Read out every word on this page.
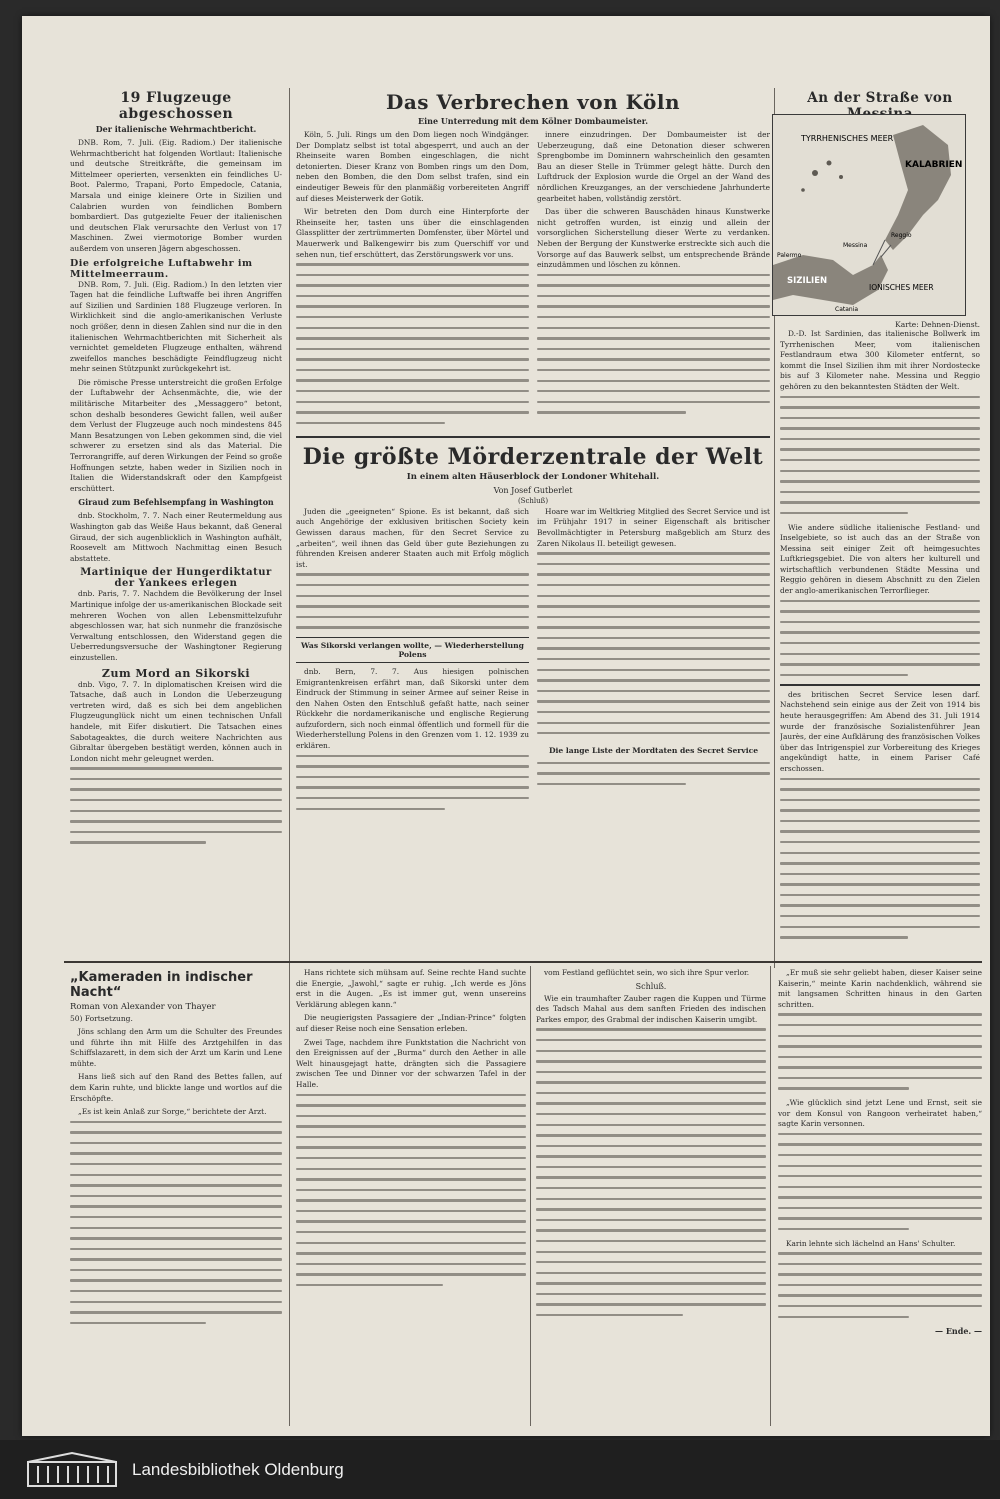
19 Flugzeuge abgeschossen
Der italienische Wehrmachtbericht.

DNB. Rom, 7. Juli. (Eig. Radiom.) Der italienische Wehrmachtbericht hat folgenden Wortlaut: Italienische und deutsche Streitkräfte, die gemeinsam im Mittelmeer operierten, versenkten ein feindliches U-Boot. Palermo, Trapani, Porto Empedocle, Catania, Marsala und einige kleinere Orte in Sizilien und Calabrien wurden von feindlichen Bombern bombardiert. Das gutgezielte Feuer der italienischen und deutschen Flak verursachte den Verlust von 17 Maschinen. Zwei viermotorige Bomber wurden außerdem von unseren Jägern abgeschossen.

Die erfolgreiche Luftabwehr im Mittelmeerraum.

DNB. Rom, 7. Juli. (Eig. Radiom.) In den letzten vier Tagen hat die feindliche Luftwaffe bei ihren Angriffen auf Sizilien und Sardinien 188 Flugzeuge verloren. In Wirklichkeit sind die anglo-amerikanischen Verluste noch größer, denn in diesen Zahlen sind nur die in den italienischen Wehrmachtberichten mit Sicherheit als vernichtet gemeldeten Flugzeuge enthalten, während zweifellos manches beschädigte Feindflugzeug nicht mehr seinen Stützpunkt zurückgekehrt ist.

Die römische Presse unterstreicht die großen Erfolge der Luftabwehr der Achsenmächte, die, wie der militärische Mitarbeiter des „Messaggero“ betont, schon deshalb besonderes Gewicht fallen, weil außer dem Verlust der Flugzeuge auch noch mindestens 845 Mann Besatzungen von Leben gekommen sind, die viel schwerer zu ersetzen sind als das Material. Die Terrorangriffe, auf deren Wirkungen der Feind so große Hoffnungen setzte, haben weder in Sizilien noch in Italien die Widerstandskraft oder den Kampfgeist erschüttert.

Giraud zum Befehlsempfang in Washington

dnb. Stockholm, 7. 7. Nach einer Reutermeldung aus Washington gab das Weiße Haus bekannt, daß General Giraud, der sich augenblicklich in Washington aufhält, Roosevelt am Mittwoch Nachmittag einen Besuch abstattete.

Martinique der Hungerdiktatur der Yankees erlegen

dnb. Paris, 7. 7. Nachdem die Bevölkerung der Insel Martinique infolge der us-amerikanischen Blockade seit mehreren Wochen von allen Lebensmittelzufuhr abgeschlossen war, hat sich nunmehr die französische Verwaltung entschlossen, den Widerstand gegen die Ueberredungsversuche der Washingtoner Regierung einzustellen.

Zum Mord an Sikorski

dnb. Vigo, 7. 7. In diplomatischen Kreisen wird die Tatsache, daß auch in London die Ueberzeugung vertreten wird, daß es sich bei dem angeblichen Flugzeugunglück nicht um einen technischen Unfall handele, mit Eifer diskutiert. Die Tatsachen eines Sabotageaktes, die durch weitere Nachrichten aus Gibraltar übergeben bestätigt werden, können auch in London nicht mehr geleugnet werden.

Das Verbrechen von Köln
Eine Unterredung mit dem Kölner Dombaumeister.

Köln, 5. Juli. Rings um den Dom liegen noch Windgänger. Der Domplatz selbst ist total abgesperrt, und auch an der Rheinseite waren Bomben eingeschlagen, die nicht detonierten. Dieser Kranz von Bomben rings um den Dom, neben den Bomben, die den Dom selbst trafen, sind ein eindeutiger Beweis für den planmäßig vorbereiteten Angriff auf dieses Meisterwerk der Gotik.

Wir betreten den Dom durch eine Hinterpforte der Rheinseite her, tasten uns über die einschlagenden Glassplitter der zertrümmerten Domfenster, über Mörtel und Mauerwerk und Balkengewirr bis zum Querschiff vor und sehen nun, tief erschüttert, das Zerstörungswerk vor uns.

innere einzudringen. Der Dombaumeister ist der Ueberzeugung, daß eine Detonation dieser schweren Sprengbombe im Dominnern wahrscheinlich den gesamten Bau an dieser Stelle in Trümmer gelegt hätte. Durch den Luftdruck der Explosion wurde die Orgel an der Wand des nördlichen Kreuzganges, an der verschiedene Jahrhunderte gearbeitet haben, vollständig zerstört.

Das über die schweren Bauschäden hinaus Kunstwerke nicht getroffen wurden, ist einzig und allein der vorsorglichen Sicherstellung dieser Werte zu verdanken. Neben der Bergung der Kunstwerke erstreckte sich auch die Vorsorge auf das Bauwerk selbst, um entsprechende Brände einzudämmen und löschen zu können.

Die größte Mörderzentrale der Welt
In einem alten Häuserblock der Londoner Whitehall.
Von Josef Gutberlet
(Schluß)

Juden die „geeigneten“ Spione. Es ist bekannt, daß sich auch Angehörige der exklusiven britischen Society kein Gewissen daraus machen, für den Secret Service zu „arbeiten“, weil ihnen das Geld über gute Beziehungen zu führenden Kreisen anderer Staaten auch mit Erfolg möglich ist.

Was Sikorski verlangen wollte, — Wiederherstellung Polens

dnb. Bern, 7. 7. Aus hiesigen polnischen Emigrantenkreisen erfährt man, daß Sikorski unter dem Eindruck der Stimmung in seiner Armee auf seiner Reise in den Nahen Osten den Entschluß gefaßt hatte, nach seiner Rückkehr die nordamerikanische und englische Regierung aufzufordern, sich noch einmal öffentlich und formell für die Wiederherstellung Polens in den Grenzen vom 1. 12. 1939 zu erklären.

Hoare war im Weltkrieg Mitglied des Secret Service und ist im Frühjahr 1917 in seiner Eigenschaft als britischer Bevollmächtigter in Petersburg maßgeblich am Sturz des Zaren Nikolaus II. beteiligt gewesen.

Die lange Liste der Mordtaten des Secret Service
An der Straße von
TYRRHENISCHES MEER
KALABRIEN
SIZILIEN
IONISCHES MEER
Messina
Reggio
Catania
Palermo
Karte: Dehnen-Dienst.

D.-D. Ist Sardinien, das italienische Bollwerk im Tyrrhenischen Meer, vom italienischen Festlandraum etwa 300 Kilometer entfernt, so kommt die Insel Sizilien ihm mit ihrer Nordostecke bis auf 3 Kilometer nahe. Messina und Reggio gehören zu den bekanntesten Städten der Welt.

Wie andere südliche italienische Festland- und Inselgebiete, so ist auch das an der Straße von Messina seit einiger Zeit oft heimgesuchtes Luftkriegsgebiet. Die von alters her kulturell und wirtschaftlich verbundenen Städte Messina und Reggio gehören in diesem Abschnitt zu den Zielen der anglo-amerikanischen Terrorflieger.

des britischen Secret Service lesen darf. Nachstehend sein einige aus der Zeit von 1914 bis heute herausgegriffen: Am Abend des 31. Juli 1914 wurde der französische Sozialistenführer Jean Jaurès, der eine Aufklärung des französischen Volkes über das Intrigenspiel zur Vorbereitung des Krieges angekündigt hatte, in einem Pariser Café erschossen.

„Kameraden in indischer Nacht“
Roman von Alexander von Thayer
50) Fortsetzung.

Jöns schlang den Arm um die Schulter des Freundes und führte ihn mit Hilfe des Arztgehilfen in das Schiffslazarett, in dem sich der Arzt um Karin und Lene mühte.

Hans ließ sich auf den Rand des Bettes fallen, auf dem Karin ruhte, und blickte lange und wortlos auf die Erschöpfte.

„Es ist kein Anlaß zur Sorge,“ berichtete der Arzt.

Hans richtete sich mühsam auf. Seine rechte Hand suchte die Energie, „Jawohl,“ sagte er ruhig. „Ich werde es Jöns erst in die Augen. „Es ist immer gut, wenn unsereins Verklärung ablegen kann.“

Die neugierigsten Passagiere der „Indian-Prince“ folgten auf dieser Reise noch eine Sensation erleben.

Zwei Tage, nachdem ihre Funktstation die Nachricht von den Ereignissen auf der „Burma“ durch den Aether in alle Welt hinausgejagt hatte, drängten sich die Passagiere zwischen Tee und Dinner vor der schwarzen Tafel in der Halle.

vom Festland geflüchtet sein, wo sich ihre Spur verlor.

Schluß.

Wie ein traumhafter Zauber ragen die Kuppen und Türme des Tadsch Mahal aus dem sanften Frieden des indischen Parkes empor, des Grabmal der indischen Kaiserin umgibt.

„Er muß sie sehr geliebt haben, dieser Kaiser seine Kaiserin,“ meinte Karin nachdenklich, während sie mit langsamen Schritten hinaus in den Garten schritten.

„Wie glücklich sind jetzt Lene und Ernst, seit sie vor dem Konsul von Rangoon verheiratet haben,“ sagte Karin versonnen.

Karin lehnte sich lächelnd an Hans' Schulter.

— Ende. —
Landesbibliothek Oldenburg
